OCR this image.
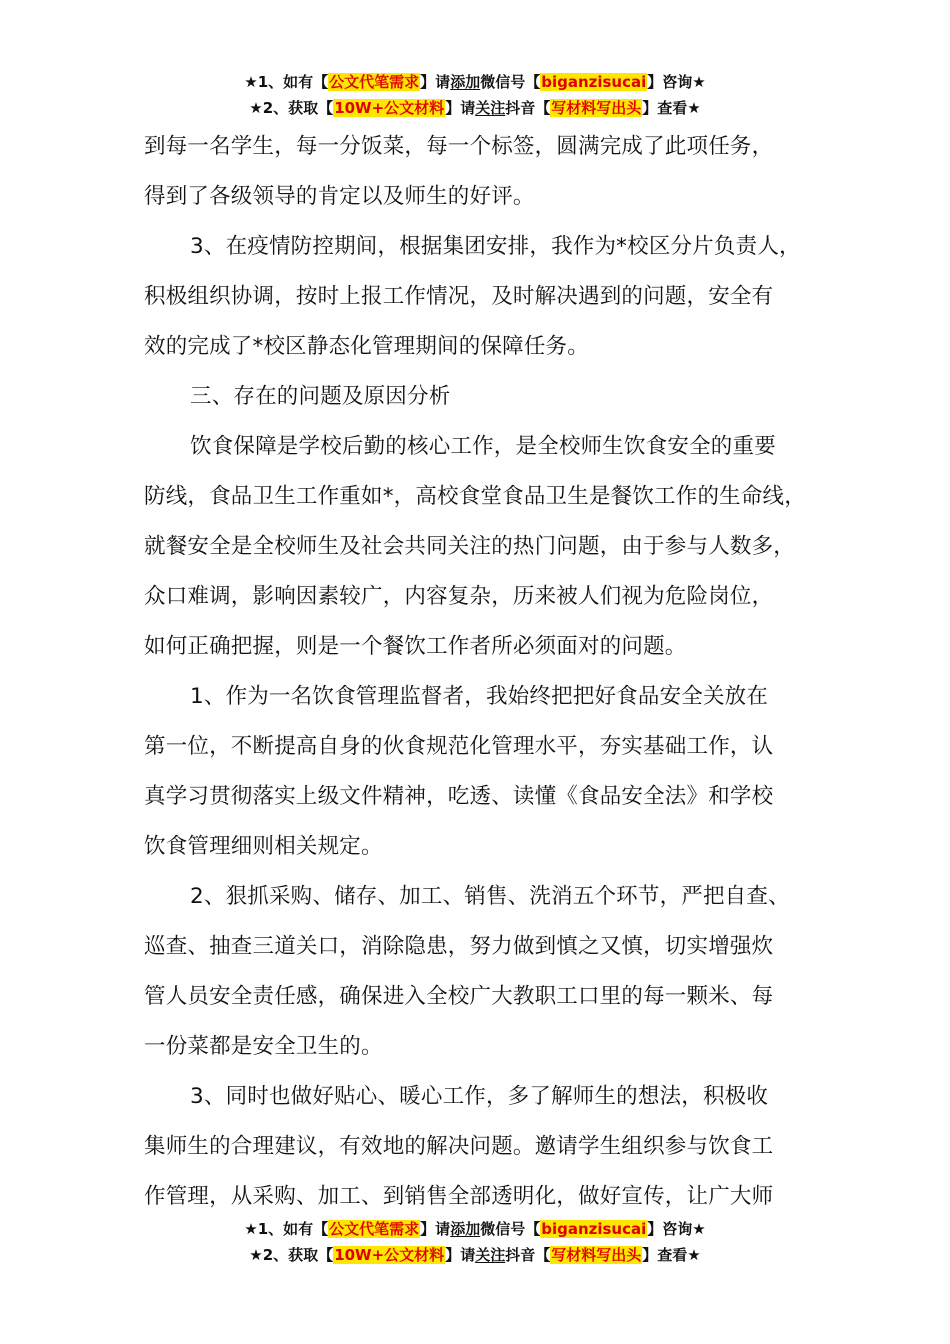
★1、如有【公文代笔需求】请添加微信号【biganzisucai】咨询★
★2、获取【10W+公文材料】请关注抖音【写材料写出头】查看★
到每一名学生，每一分饭菜，每一个标签，圆满完成了此项任务，
得到了各级领导的肯定以及师生的好评。
3、在疫情防控期间，根据集团安排，我作为*校区分片负责人，
积极组织协调，按时上报工作情况，及时解决遇到的问题，安全有
效的完成了*校区静态化管理期间的保障任务。
三、存在的问题及原因分析
饮食保障是学校后勤的核心工作，是全校师生饮食安全的重要
防线，食品卫生工作重如*，高校食堂食品卫生是餐饮工作的生命线，
就餐安全是全校师生及社会共同关注的热门问题，由于参与人数多，
众口难调，影响因素较广，内容复杂，历来被人们视为危险岗位，
如何正确把握，则是一个餐饮工作者所必须面对的问题。
1、作为一名饮食管理监督者，我始终把把好食品安全关放在
第一位，不断提高自身的伙食规范化管理水平，夯实基础工作，认
真学习贯彻落实上级文件精神，吃透、读懂《食品安全法》和学校
饮食管理细则相关规定。
2、狠抓采购、储存、加工、销售、洗消五个环节，严把自查、
巡查、抽查三道关口，消除隐患，努力做到慎之又慎，切实增强炊
管人员安全责任感，确保进入全校广大教职工口里的每一颗米、每
一份菜都是安全卫生的。
3、同时也做好贴心、暖心工作，多了解师生的想法，积极收
集师生的合理建议，有效地的解决问题。邀请学生组织参与饮食工
作管理，从采购、加工、到销售全部透明化，做好宣传，让广大师
★1、如有【公文代笔需求】请添加微信号【biganzisucai】咨询★
★2、获取【10W+公文材料】请关注抖音【写材料写出头】查看★
